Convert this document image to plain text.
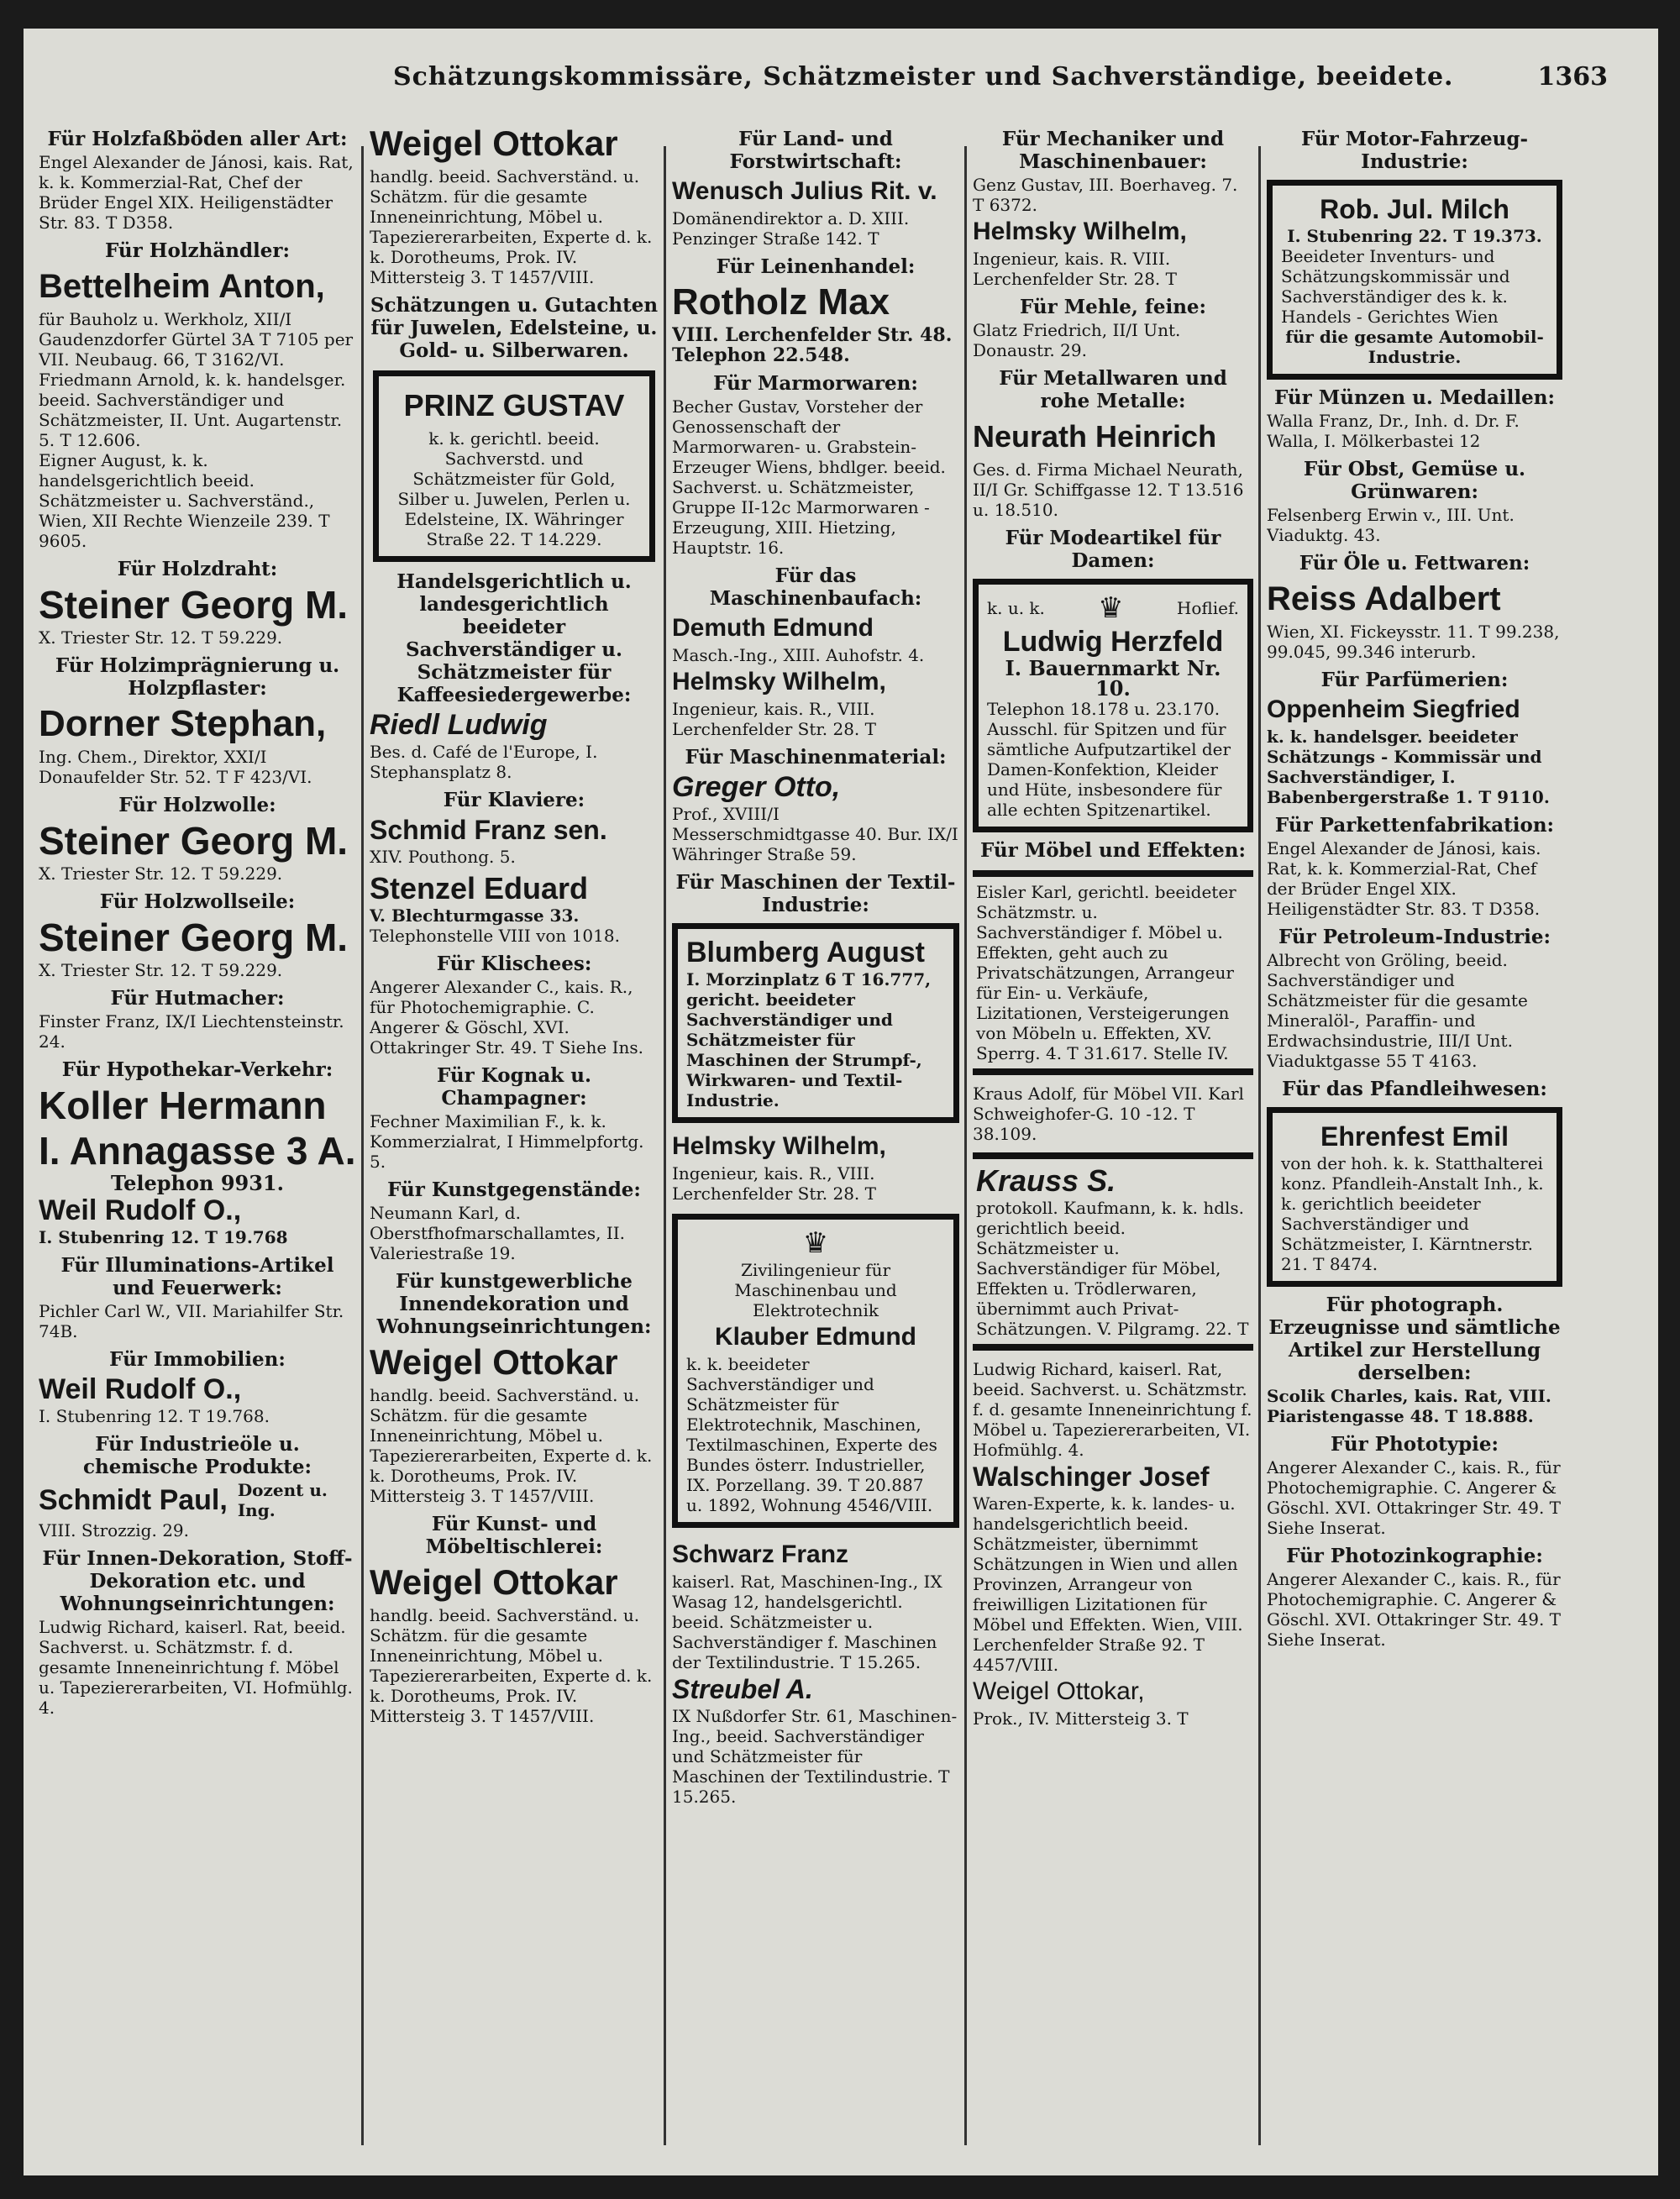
Schätzungskommissäre, Schätzmeister und Sachverständige, beeidete.	1363
Für Holzfaßböden aller Art:
Engel Alexander de Jánosi, kais. Rat, k. k. Kommerzial-Rat, Chef der Brüder Engel XIX. Heiligenstädter Str. 83. T D358.
Für Holzhändler:
Bettelheim Anton,
für Bauholz u. Werkholz, XII/I Gaudenzdorfer Gürtel 3A T 7105 per VII. Neubaug. 66, T 3162/VI.
Friedmann Arnold, k. k. handelsger. beeid. Sachverständiger und Schätzmeister, II. Unt. Augartenstr. 5. T 12.606.
Eigner August, k. k. handelsgerichtlich beeid. Schätzmeister u. Sachverständ., Wien, XII Rechte Wienzeile 239. T 9605.
Für Holzdraht:
Steiner Georg M.
X. Triester Str. 12. T 59.229.
Für Holzimprägnierung u. Holzpflaster:
Dorner Stephan,
Ing. Chem., Direktor, XXI/I Donaufelder Str. 52. T F 423/VI.
Für Holzwolle:
Steiner Georg M.
X. Triester Str. 12. T 59.229.
Für Holzwollseile:
Steiner Georg M.
X. Triester Str. 12. T 59.229.
Für Hutmacher:
Finster Franz, IX/I Liechtensteinstr. 24.
Für Hypothekar-Verkehr:
Koller Hermann
I. Annagasse 3 A.
Telephon 9931.
Weil Rudolf O.,
I. Stubenring 12. T 19.768
Für Illuminations-Artikel und Feuerwerk:
Pichler Carl W., VII. Mariahilfer Str. 74B.
Für Immobilien:
Weil Rudolf O.,
I. Stubenring 12. T 19.768.
Für Industrieöle u. chemische Produkte:
Schmidt Paul, Dozent u. Ing.
VIII. Strozzig. 29.
Für Innen-Dekoration, Stoff-Dekoration etc. und Wohnungseinrichtungen:
Ludwig Richard, kaiserl. Rat, beeid. Sachverst. u. Schätzmstr. f. d. gesamte Inneneinrichtung f. Möbel u. Tapeziererarbeiten, VI. Hofmühlg. 4.
Weigel Ottokar
handlg. beeid. Sachverständ. u. Schätzm. für die gesamte Inneneinrichtung, Möbel u. Tapeziererarbeiten, Experte d. k. k. Dorotheums, Prok. IV. Mittersteig 3. T 1457/VIII.
Schätzungen u. Gutachten für Juwelen, Edelsteine, u. Gold- u. Silberwaren.
PRINZ GUSTAV
k. k. gerichtl. beeid. Sachverstd. und Schätzmeister für Gold, Silber u. Juwelen, Perlen u. Edelsteine, IX. Währinger Straße 22. T 14.229.
Handelsgerichtlich u. landesgerichtlich beeideter Sachverständiger u. Schätzmeister für Kaffeesiedergewerbe:
Riedl Ludwig
Bes. d. Café de l'Europe, I. Stephansplatz 8.
Für Klaviere:
Schmid Franz sen.
XIV. Pouthong. 5.
Stenzel Eduard
V. Blechturmgasse 33.
Telephonstelle VIII von 1018.
Für Klischees:
Angerer Alexander C., kais. R., für Photochemigraphie. C. Angerer & Göschl, XVI. Ottakringer Str. 49. T Siehe Ins.
Für Kognak u. Champagner:
Fechner Maximilian F., k. k. Kommerzialrat, I Himmelpfortg. 5.
Für Kunstgegenstände:
Neumann Karl, d. Oberstfhofmarschallamtes, II. Valeriestraße 19.
Für kunstgewerbliche Innendekoration und Wohnungseinrichtungen:
Weigel Ottokar
handlg. beeid. Sachverständ. u. Schätzm. für die gesamte Inneneinrichtung, Möbel u. Tapeziererarbeiten, Experte d. k. k. Dorotheums, Prok. IV. Mittersteig 3. T 1457/VIII.
Für Kunst- und Möbeltischlerei:
Weigel Ottokar
handlg. beeid. Sachverständ. u. Schätzm. für die gesamte Inneneinrichtung, Möbel u. Tapeziererarbeiten, Experte d. k. k. Dorotheums, Prok. IV. Mittersteig 3. T 1457/VIII.
Für Land- und Forstwirtschaft:
Wenusch Julius Rit. v.
Domänendirektor a. D. XIII. Penzinger Straße 142. T
Für Leinenhandel:
Rotholz Max
VIII. Lerchenfelder Str. 48.
Telephon 22.548.
Für Marmorwaren:
Becher Gustav, Vorsteher der Genossenschaft der Marmorwaren- u. Grabstein-Erzeuger Wiens, bhdlger. beeid. Sachverst. u. Schätzmeister, Gruppe II-12c Marmorwaren - Erzeugung, XIII. Hietzing, Hauptstr. 16.
Für das Maschinenbaufach:
Demuth Edmund
Masch.-Ing., XIII. Auhofstr. 4.
Helmsky Wilhelm,
Ingenieur, kais. R., VIII. Lerchenfelder Str. 28. T
Für Maschinenmaterial:
Greger Otto,
Prof., XVIII/I Messerschmidtgasse 40. Bur. IX/I Währinger Straße 59.
Für Maschinen der Textil-Industrie:
Blumberg August
I. Morzinplatz 6 T 16.777, gericht. beeideter Sachverständiger und Schätzmeister für Maschinen der Strumpf-, Wirkwaren- und Textil-Industrie.
Helmsky Wilhelm,
Ingenieur, kais. R., VIII. Lerchenfelder Str. 28. T
♛
Zivilingenieur für Maschinenbau und Elektrotechnik
Klauber Edmund
k. k. beeideter Sachverständiger und Schätzmeister für Elektrotechnik, Maschinen, Textilmaschinen, Experte des Bundes österr. Industrieller, IX. Porzellang. 39. T 20.887 u. 1892, Wohnung 4546/VIII.
Schwarz Franz
kaiserl. Rat, Maschinen-Ing., IX Wasag 12, handelsgerichtl. beeid. Schätzmeister u. Sachverständiger f. Maschinen der Textilindustrie. T 15.265.
Streubel A.
IX Nußdorfer Str. 61, Maschinen-Ing., beeid. Sachverständiger und Schätzmeister für Maschinen der Textilindustrie. T 15.265.
Für Mechaniker und Maschinenbauer:
Genz Gustav, III. Boerhaveg. 7. T 6372.
Helmsky Wilhelm,
Ingenieur, kais. R. VIII. Lerchenfelder Str. 28. T
Für Mehle, feine:
Glatz Friedrich, II/I Unt. Donaustr. 29.
Für Metallwaren und rohe Metalle:
Neurath Heinrich
Ges. d. Firma Michael Neurath, II/I Gr. Schiffgasse 12. T 13.516 u. 18.510.
Für Modeartikel für Damen:
k. u. k. ♛	Hoflief.
Ludwig Herzfeld
I. Bauernmarkt Nr. 10.
Telephon 18.178 u. 23.170. Ausschl. für Spitzen und für sämtliche Aufputzartikel der Damen-Konfektion, Kleider und Hüte, insbesondere für alle echten Spitzenartikel.
Für Möbel und Effekten:
Eisler Karl, gerichtl. beeideter Schätzmstr. u. Sachverständiger f. Möbel u. Effekten, geht auch zu Privatschätzungen, Arrangeur für Ein- u. Verkäufe, Lizitationen, Versteigerungen von Möbeln u. Effekten, XV. Sperrg. 4. T 31.617. Stelle IV.
Kraus Adolf, für Möbel VII. Karl Schweighofer-G. 10 -12. T 38.109.
Krauss S.
protokoll. Kaufmann, k. k. hdls. gerichtlich beeid. Schätzmeister u. Sachverständiger für Möbel, Effekten u. Trödlerwaren, übernimmt auch Privat-Schätzungen. V. Pilgramg. 22. T
Ludwig Richard, kaiserl. Rat, beeid. Sachverst. u. Schätzmstr. f. d. gesamte Inneneinrichtung f. Möbel u. Tapeziererarbeiten, VI. Hofmühlg. 4.
Walschinger Josef
Waren-Experte, k. k. landes- u. handelsgerichtlich beeid. Schätzmeister, übernimmt Schätzungen in Wien und allen Provinzen, Arrangeur von freiwilligen Lizitationen für Möbel und Effekten. Wien, VIII. Lerchenfelder Straße 92. T 4457/VIII.
Weigel Ottokar,
Prok., IV. Mittersteig 3. T
Für Motor-Fahrzeug-Industrie:
Rob. Jul. Milch
I. Stubenring 22. T 19.373.
Beeideter Inventurs- und Schätzungskommissär und Sachverständiger des k. k. Handels - Gerichtes Wien
für die gesamte Automobil-Industrie.
Für Münzen u. Medaillen:
Walla Franz, Dr., Inh. d. Dr. F. Walla, I. Mölkerbastei 12
Für Obst, Gemüse u. Grünwaren:
Felsenberg Erwin v., III. Unt. Viaduktg. 43.
Für Öle u. Fettwaren:
Reiss Adalbert
Wien, XI. Fickeysstr. 11. T 99.238, 99.045, 99.346 interurb.
Für Parfümerien:
Oppenheim Siegfried
k. k. handelsger. beeideter Schätzungs - Kommissär und Sachverständiger, I. Babenbergerstraße 1. T 9110.
Für Parkettenfabrikation:
Engel Alexander de Jánosi, kais. Rat, k. k. Kommerzial-Rat, Chef der Brüder Engel XIX. Heiligenstädter Str. 83. T D358.
Für Petroleum-Industrie:
Albrecht von Gröling, beeid. Sachverständiger und Schätzmeister für die gesamte Mineralöl-, Paraffin- und Erdwachsindustrie, III/I Unt. Viaduktgasse 55 T 4163.
Für das Pfandleihwesen:
Ehrenfest Emil
von der hoh. k. k. Statthalterei konz. Pfandleih-Anstalt Inh., k. k. gerichtlich beeideter Sachverständiger und Schätzmeister, I. Kärntnerstr. 21. T 8474.
Für photograph. Erzeugnisse und sämtliche Artikel zur Herstellung derselben:
Scolik Charles, kais. Rat, VIII. Piaristengasse 48. T 18.888.
Für Phototypie:
Angerer Alexander C., kais. R., für Photochemigraphie. C. Angerer & Göschl. XVI. Ottakringer Str. 49. T Siehe Inserat.
Für Photozinkographie:
Angerer Alexander C., kais. R., für Photochemigraphie. C. Angerer & Göschl. XVI. Ottakringer Str. 49. T Siehe Inserat.
